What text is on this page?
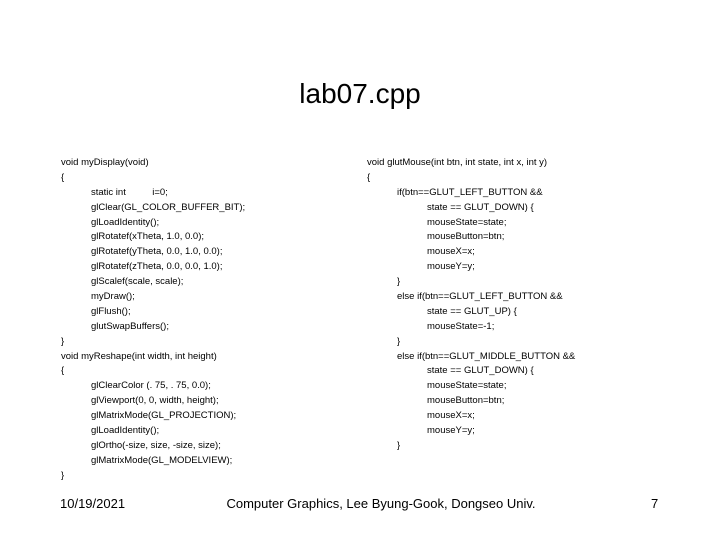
lab07.cpp
void myDisplay(void)
{
static int          i=0;
glClear(GL_COLOR_BUFFER_BIT);
glLoadIdentity();
glRotatef(xTheta, 1.0, 0.0);
glRotatef(yTheta, 0.0, 1.0, 0.0);
glRotatef(zTheta, 0.0, 0.0, 1.0);
glScalef(scale, scale);
myDraw();
glFlush();
glutSwapBuffers();
}
void myReshape(int width, int height)
{
glClearColor (. 75, . 75, 0.0);
glViewport(0, 0, width, height);
glMatrixMode(GL_PROJECTION);
glLoadIdentity();
glOrtho(-size, size, -size, size);
glMatrixMode(GL_MODELVIEW);
}
void glutMouse(int btn, int state, int x, int y)
{
if(btn==GLUT_LEFT_BUTTON &&
state == GLUT_DOWN) {
mouseState=state;
mouseButton=btn;
mouseX=x;
mouseY=y;
}
else if(btn==GLUT_LEFT_BUTTON &&
state == GLUT_UP) {
mouseState=-1;
}
else if(btn==GLUT_MIDDLE_BUTTON &&
state == GLUT_DOWN) {
mouseState=state;
mouseButton=btn;
mouseX=x;
mouseY=y;
}
10/19/2021	Computer Graphics, Lee Byung-Gook, Dongseo Univ.	7
